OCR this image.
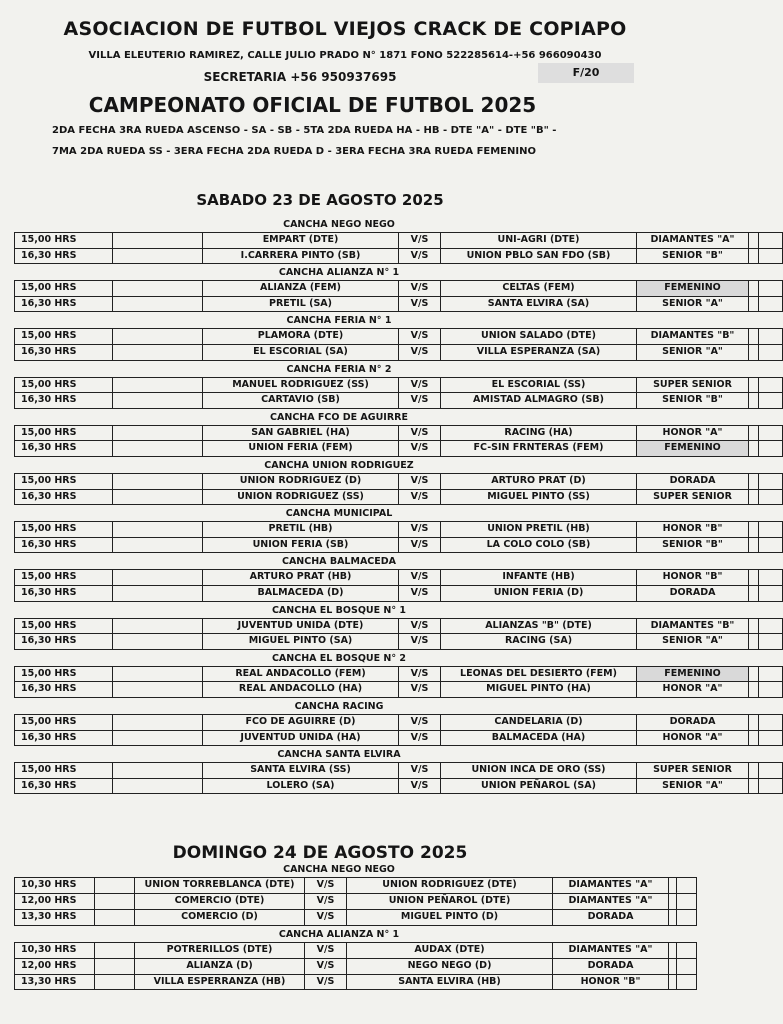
ASOCIACION DE FUTBOL VIEJOS CRACK DE COPIAPO
VILLA ELEUTERIO RAMIREZ, CALLE JULIO PRADO N° 1871 FONO 522285614-+56 966090430
SECRETARIA +56 950937695	F/20
CAMPEONATO OFICIAL DE FUTBOL 2025
2DA FECHA 3RA RUEDA ASCENSO - SA - SB - 5TA 2DA RUEDA HA - HB - DTE "A" - DTE "B" -
7MA 2DA RUEDA SS - 3ERA FECHA 2DA RUEDA D - 3ERA FECHA 3RA RUEDA FEMENINO
SABADO 23 DE AGOSTO 2025
CANCHA NEGO NEGO
15,00 HRS		EMPART (DTE)	V/S	UNI-AGRI (DTE)	DIAMANTES "A"		
16,30 HRS		I.CARRERA PINTO (SB)	V/S	UNION PBLO SAN FDO (SB)	SENIOR "B"		
CANCHA ALIANZA N° 1
15,00 HRS		ALIANZA (FEM)	V/S	CELTAS (FEM)	FEMENINO		
16,30 HRS		PRETIL (SA)	V/S	SANTA ELVIRA (SA)	SENIOR "A"		
CANCHA FERIA N° 1
15,00 HRS		PLAMORA (DTE)	V/S	UNION SALADO (DTE)	DIAMANTES "B"		
16,30 HRS		EL ESCORIAL (SA)	V/S	VILLA ESPERANZA (SA)	SENIOR "A"		
CANCHA FERIA N° 2
15,00 HRS		MANUEL RODRIGUEZ (SS)	V/S	EL ESCORIAL (SS)	SUPER SENIOR		
16,30 HRS		CARTAVIO (SB)	V/S	AMISTAD ALMAGRO (SB)	SENIOR "B"		
CANCHA FCO DE AGUIRRE
15,00 HRS		SAN GABRIEL (HA)	V/S	RACING (HA)	HONOR "A"		
16,30 HRS		UNION FERIA (FEM)	V/S	FC-SIN FRNTERAS (FEM)	FEMENINO		
CANCHA UNION RODRIGUEZ
15,00 HRS		UNION RODRIGUEZ (D)	V/S	ARTURO PRAT (D)	DORADA		
16,30 HRS		UNION RODRIGUEZ (SS)	V/S	MIGUEL PINTO (SS)	SUPER SENIOR		
CANCHA MUNICIPAL
15,00 HRS		PRETIL (HB)	V/S	UNION PRETIL (HB)	HONOR "B"		
16,30 HRS		UNION FERIA (SB)	V/S	LA COLO COLO (SB)	SENIOR "B"		
CANCHA BALMACEDA
15,00 HRS		ARTURO PRAT (HB)	V/S	INFANTE (HB)	HONOR "B"		
16,30 HRS		BALMACEDA (D)	V/S	UNION FERIA (D)	DORADA		
CANCHA EL BOSQUE N° 1
15,00 HRS		JUVENTUD UNIDA (DTE)	V/S	ALIANZAS "B" (DTE)	DIAMANTES "B"		
16,30 HRS		MIGUEL PINTO (SA)	V/S	RACING (SA)	SENIOR "A"		
CANCHA EL BOSQUE N° 2
15,00 HRS		REAL ANDACOLLO (FEM)	V/S	LEONAS DEL DESIERTO (FEM)	FEMENINO		
16,30 HRS		REAL ANDACOLLO (HA)	V/S	MIGUEL PINTO (HA)	HONOR "A"		
CANCHA RACING
15,00 HRS		FCO DE AGUIRRE (D)	V/S	CANDELARIA (D)	DORADA		
16,30 HRS		JUVENTUD UNIDA (HA)	V/S	BALMACEDA (HA)	HONOR "A"		
CANCHA SANTA ELVIRA
15,00 HRS		SANTA ELVIRA (SS)	V/S	UNION INCA DE ORO (SS)	SUPER SENIOR		
16,30 HRS		LOLERO (SA)	V/S	UNION PEÑAROL (SA)	SENIOR "A"		
DOMINGO 24 DE AGOSTO 2025
CANCHA NEGO NEGO
10,30 HRS		UNION TORREBLANCA (DTE)	V/S	UNION RODRIGUEZ (DTE)	DIAMANTES "A"		
12,00 HRS		COMERCIO (DTE)	V/S	UNION PEÑAROL (DTE)	DIAMANTES "A"		
13,30 HRS		COMERCIO (D)	V/S	MIGUEL PINTO (D)	DORADA		
CANCHA ALIANZA N° 1
10,30 HRS		POTRERILLOS (DTE)	V/S	AUDAX (DTE)	DIAMANTES "A"		
12,00 HRS		ALIANZA (D)	V/S	NEGO NEGO (D)	DORADA		
13,30 HRS		VILLA ESPERRANZA (HB)	V/S	SANTA ELVIRA (HB)	HONOR "B"		
